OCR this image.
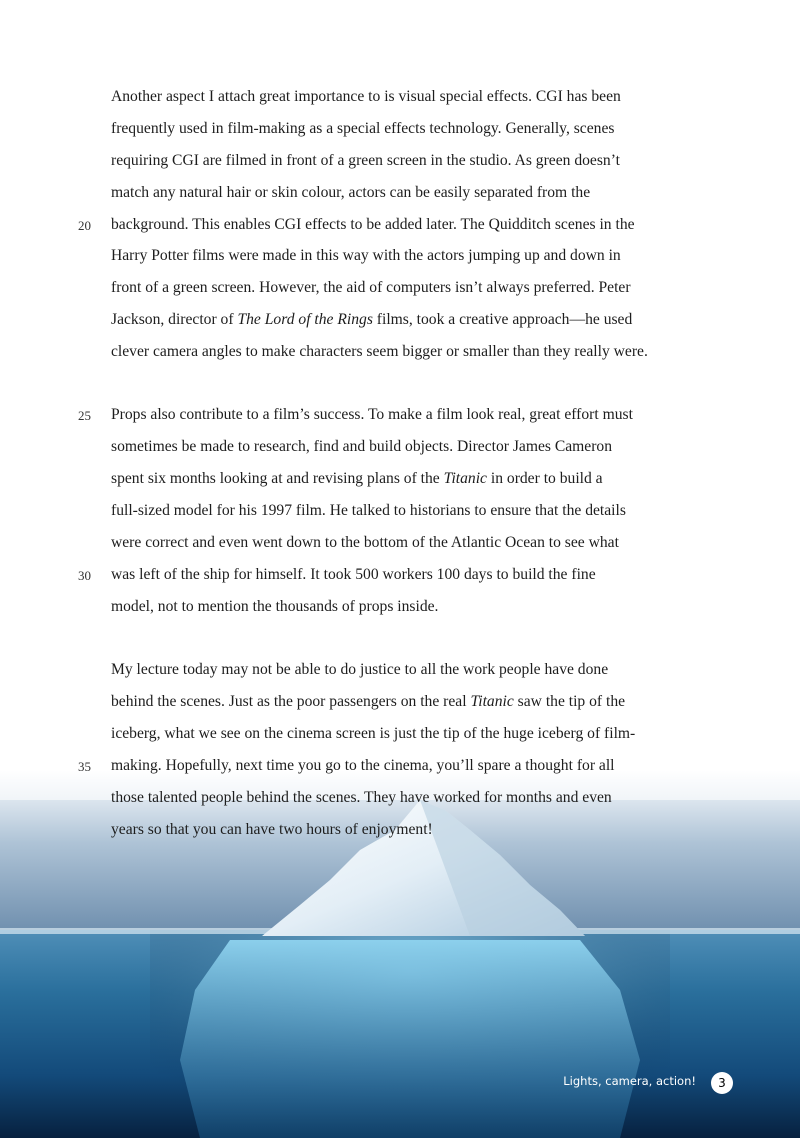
Another aspect I attach great importance to is visual special effects. CGI has been
frequently used in film-making as a special effects technology. Generally, scenes
requiring CGI are filmed in front of a green screen in the studio. As green doesn’t
match any natural hair or skin colour, actors can be easily separated from the
background. This enables CGI effects to be added later. The Quidditch scenes in the
Harry Potter films were made in this way with the actors jumping up and down in
front of a green screen. However, the aid of computers isn’t always preferred. Peter
Jackson, director of The Lord of the Rings films, took a creative approach—he used
clever camera angles to make characters seem bigger or smaller than they really were.
Props also contribute to a film’s success. To make a film look real, great effort must
sometimes be made to research, find and build objects. Director James Cameron
spent six months looking at and revising plans of the Titanic in order to build a
full-sized model for his 1997 film. He talked to historians to ensure that the details
were correct and even went down to the bottom of the Atlantic Ocean to see what
was left of the ship for himself. It took 500 workers 100 days to build the fine
model, not to mention the thousands of props inside.
My lecture today may not be able to do justice to all the work people have done
behind the scenes. Just as the poor passengers on the real Titanic saw the tip of the
iceberg, what we see on the cinema screen is just the tip of the huge iceberg of film-
making. Hopefully, next time you go to the cinema, you’ll spare a thought for all
those talented people behind the scenes. They have worked for months and even
years so that you can have two hours of enjoyment!
20
25
30
35
Lights, camera, action!	3
